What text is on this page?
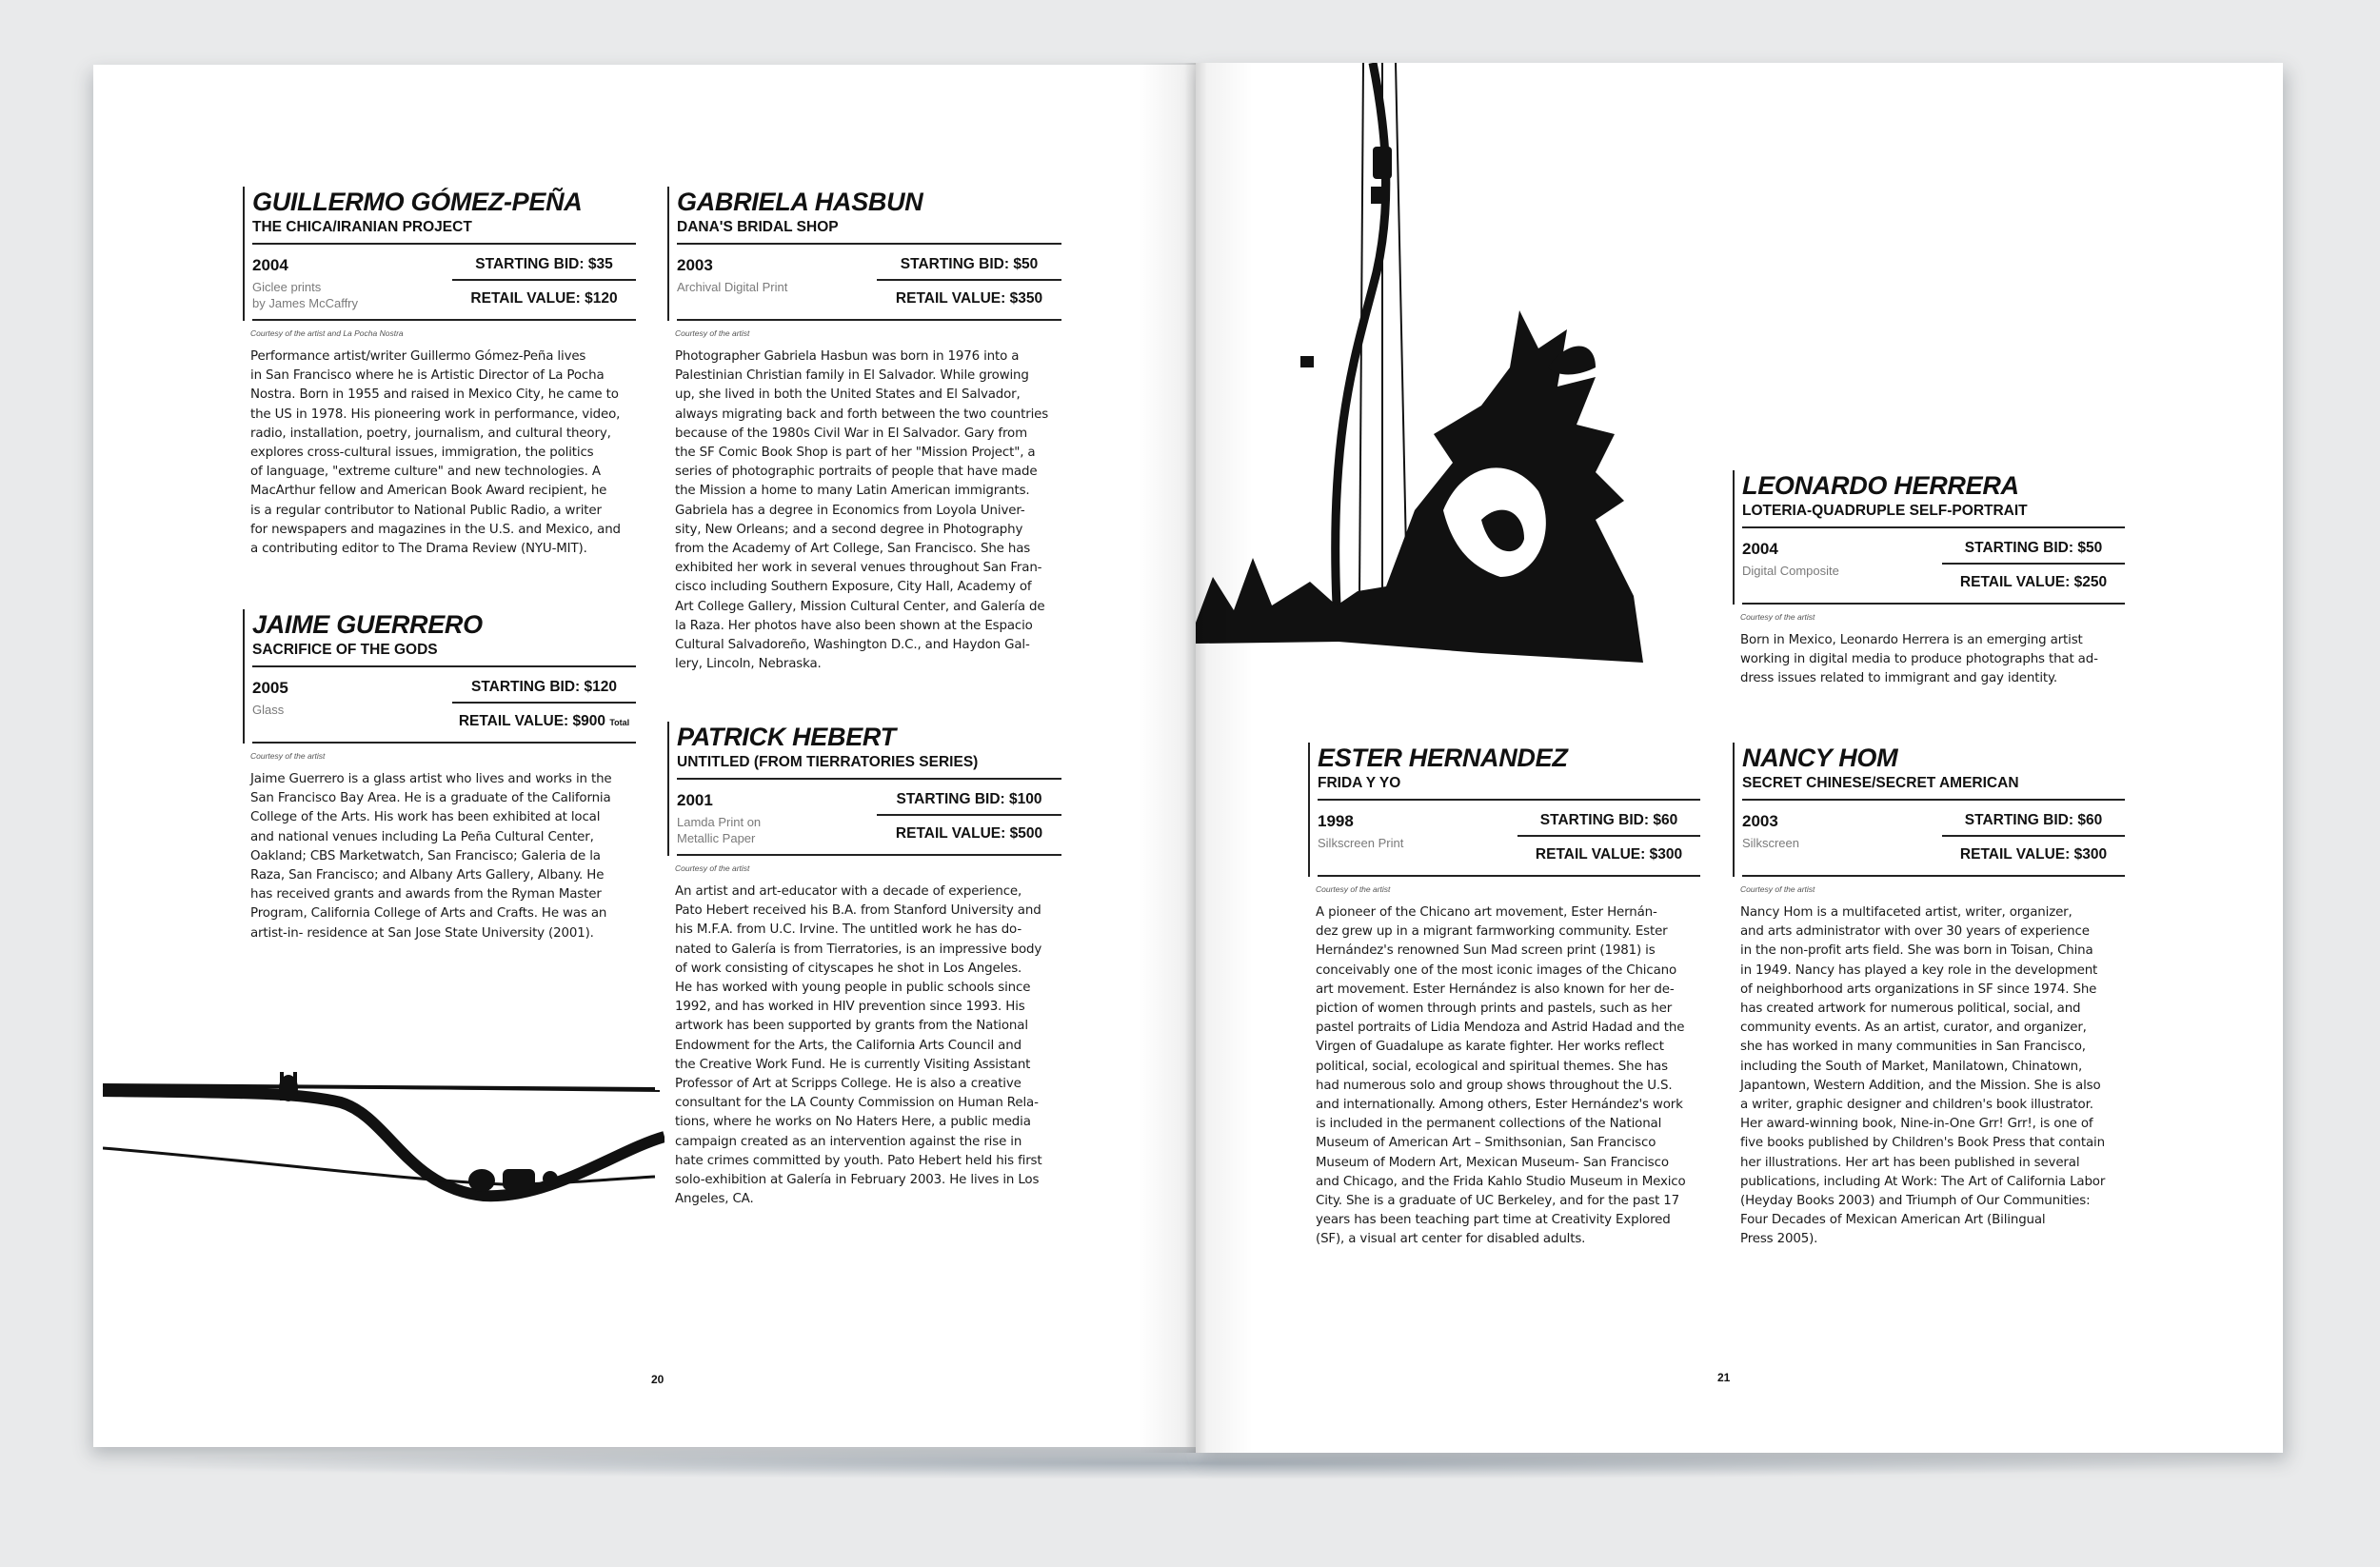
GUILLERMO GÓMEZ-PEÑA
THE CHICA/IRANIAN PROJECT
2004
Giclee prints
by James McCaffry
STARTING BID: $35
RETAIL VALUE: $120
Courtesy of the artist and La Pocha Nostra
Performance artist/writer Guillermo Gómez-Peña lives
in San Francisco where he is Artistic Director of La Pocha
Nostra. Born in 1955 and raised in Mexico City, he came to
the US in 1978. His pioneering work in performance, video,
radio, installation, poetry, journalism, and cultural theory,
explores cross-cultural issues, immigration, the politics
of language, "extreme culture" and new technologies. A
MacArthur fellow and American Book Award recipient, he
is a regular contributor to National Public Radio, a writer
for newspapers and magazines in the U.S. and Mexico, and
a contributing editor to The Drama Review (NYU-MIT).
JAIME GUERRERO
SACRIFICE OF THE GODS
2005
Glass
STARTING BID: $120
RETAIL VALUE: $900 Total
Courtesy of the artist
Jaime Guerrero is a glass artist who lives and works in the
San Francisco Bay Area. He is a graduate of the California
College of the Arts. His work has been exhibited at local
and national venues including La Peña Cultural Center,
Oakland; CBS Marketwatch, San Francisco; Galeria de la
Raza, San Francisco; and Albany Arts Gallery, Albany. He
has received grants and awards from the Ryman Master
Program, California College of Arts and Crafts. He was an
artist-in- residence at San Jose State University (2001).
GABRIELA HASBUN
DANA'S BRIDAL SHOP
2003
Archival Digital Print
STARTING BID: $50
RETAIL VALUE: $350
Courtesy of the artist
Photographer Gabriela Hasbun was born in 1976 into a
Palestinian Christian family in El Salvador. While growing
up, she lived in both the United States and El Salvador,
always migrating back and forth between the two countries
because of the 1980s Civil War in El Salvador. Gary from
the SF Comic Book Shop is part of her "Mission Project", a
series of photographic portraits of people that have made
the Mission a home to many Latin American immigrants.
Gabriela has a degree in Economics from Loyola Univer-
sity, New Orleans; and a second degree in Photography
from the Academy of Art College, San Francisco. She has
exhibited her work in several venues throughout San Fran-
cisco including Southern Exposure, City Hall, Academy of
Art College Gallery, Mission Cultural Center, and Galería de
la Raza. Her photos have also been shown at the Espacio
Cultural Salvadoreño, Washington D.C., and Haydon Gal-
lery, Lincoln, Nebraska.
PATRICK HEBERT
UNTITLED (FROM TIERRATORIES SERIES)
2001
Lamda Print on
Metallic Paper
STARTING BID: $100
RETAIL VALUE: $500
Courtesy of the artist
An artist and art-educator with a decade of experience,
Pato Hebert received his B.A. from Stanford University and
his M.F.A. from U.C. Irvine. The untitled work he has do-
nated to Galería is from Tierratories, is an impressive body
of work consisting of cityscapes he shot in Los Angeles.
He has worked with young people in public schools since
1992, and has worked in HIV prevention since 1993. His
artwork has been supported by grants from the National
Endowment for the Arts, the California Arts Council and
the Creative Work Fund. He is currently Visiting Assistant
Professor of Art at Scripps College. He is also a creative
consultant for the LA County Commission on Human Rela-
tions, where he works on No Haters Here, a public media
campaign created as an intervention against the rise in
hate crimes committed by youth. Pato Hebert held his first
solo-exhibition at Galería in February 2003. He lives in Los
Angeles, CA.
20
LEONARDO HERRERA
LOTERIA-QUADRUPLE SELF-PORTRAIT
2004
Digital Composite
STARTING BID: $50
RETAIL VALUE: $250
Courtesy of the artist
Born in Mexico, Leonardo Herrera is an emerging artist
working in digital media to produce photographs that ad-
dress issues related to immigrant and gay identity.
ESTER HERNANDEZ
FRIDA Y YO
1998
Silkscreen Print
STARTING BID: $60
RETAIL VALUE: $300
Courtesy of the artist
A pioneer of the Chicano art movement, Ester Hernán-
dez grew up in a migrant farmworking community. Ester
Hernández's renowned Sun Mad screen print (1981) is
conceivably one of the most iconic images of the Chicano
art movement. Ester Hernández is also known for her de-
piction of women through prints and pastels, such as her
pastel portraits of Lidia Mendoza and Astrid Hadad and the
Virgen of Guadalupe as karate fighter. Her works reflect
political, social, ecological and spiritual themes. She has
had numerous solo and group shows throughout the U.S.
and internationally. Among others, Ester Hernández's work
is included in the permanent collections of the National
Museum of American Art – Smithsonian, San Francisco
Museum of Modern Art, Mexican Museum- San Francisco
and Chicago, and the Frida Kahlo Studio Museum in Mexico
City. She is a graduate of UC Berkeley, and for the past 17
years has been teaching part time at Creativity Explored
(SF), a visual art center for disabled adults.
NANCY HOM
SECRET CHINESE/SECRET AMERICAN
2003
Silkscreen
STARTING BID: $60
RETAIL VALUE: $300
Courtesy of the artist
Nancy Hom is a multifaceted artist, writer, organizer,
and arts administrator with over 30 years of experience
in the non-profit arts field. She was born in Toisan, China
in 1949. Nancy has played a key role in the development
of neighborhood arts organizations in SF since 1974. She
has created artwork for numerous political, social, and
community events. As an artist, curator, and organizer,
she has worked in many communities in San Francisco,
including the South of Market, Manilatown, Chinatown,
Japantown, Western Addition, and the Mission. She is also
a writer, graphic designer and children's book illustrator.
Her award-winning book, Nine-in-One Grr! Grr!, is one of
five books published by Children's Book Press that contain
her illustrations. Her art has been published in several
publications, including At Work: The Art of California Labor
(Heyday Books 2003) and Triumph of Our Communities:
Four Decades of Mexican American Art (Bilingual
Press 2005).
21
